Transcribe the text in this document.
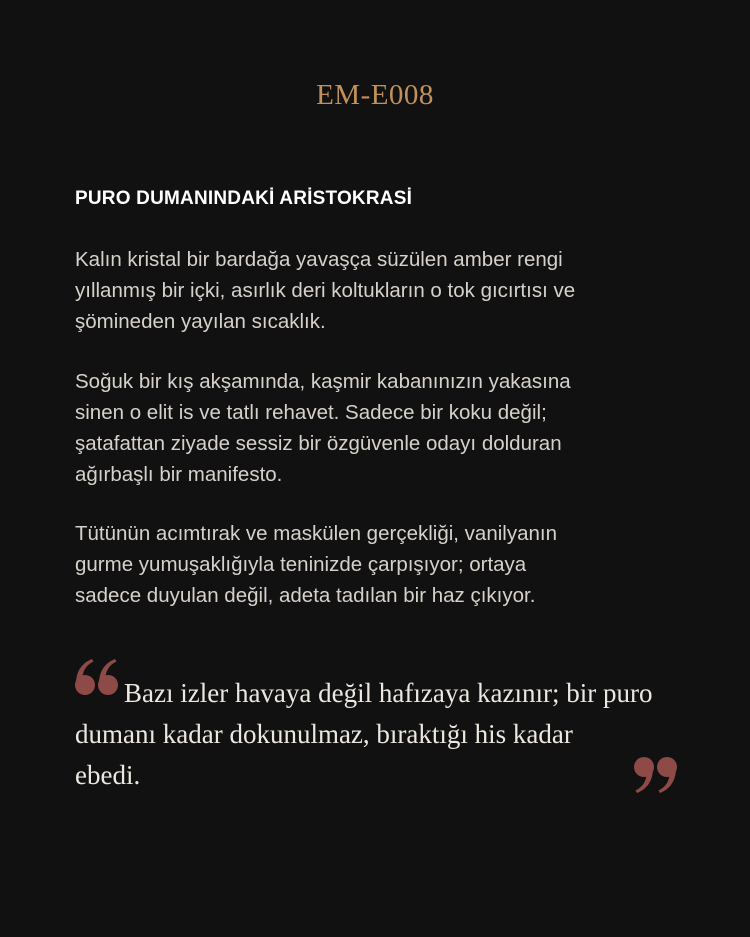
EM-E008
PURO DUMANINDAKİ ARİSTOKRASİ

Kalın kristal bir bardağa yavaşça süzülen amber rengi
yıllanmış bir içki, asırlık deri koltukların o tok gıcırtısı ve
şömineden yayılan sıcaklık.

Soğuk bir kış akşamında, kaşmir kabanınızın yakasına
sinen o elit is ve tatlı rehavet. Sadece bir koku değil;
şatafattan ziyade sessiz bir özgüvenle odayı dolduran
ağırbaşlı bir manifesto.

Tütünün acımtırak ve maskülen gerçekliği, vanilyanın
gurme yumuşaklığıyla teninizde çarpışıyor; ortaya
sadece duyulan değil, adeta tadılan bir haz çıkıyor.

Bazı izler havaya değil hafızaya kazınır; bir puro
dumanı kadar dokunulmaz, bıraktığı his kadar
ebedi.
